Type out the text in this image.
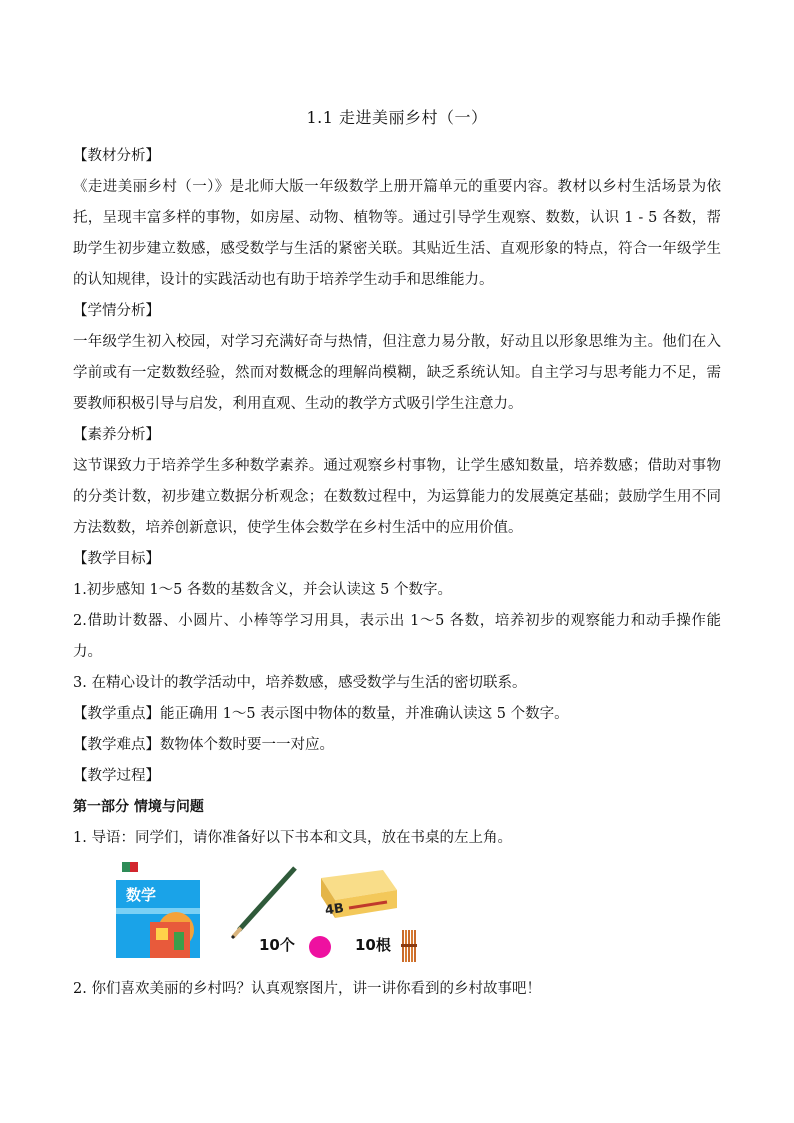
1.1 走进美丽乡村（一）

【教材分析】

《走进美丽乡村（一）》是北师大版一年级数学上册开篇单元的重要内容。教材以乡村生活场景为依托，呈现丰富多样的事物，如房屋、动物、植物等。通过引导学生观察、数数，认识 1 - 5 各数，帮助学生初步建立数感，感受数学与生活的紧密关联。其贴近生活、直观形象的特点，符合一年级学生的认知规律，设计的实践活动也有助于培养学生动手和思维能力。

【学情分析】

一年级学生初入校园，对学习充满好奇与热情，但注意力易分散，好动且以形象思维为主。他们在入学前或有一定数数经验，然而对数概念的理解尚模糊，缺乏系统认知。自主学习与思考能力不足，需要教师积极引导与启发，利用直观、生动的教学方式吸引学生注意力。

【素养分析】

这节课致力于培养学生多种数学素养。通过观察乡村事物，让学生感知数量，培养数感；借助对事物的分类计数，初步建立数据分析观念；在数数过程中，为运算能力的发展奠定基础；鼓励学生用不同方法数数，培养创新意识，使学生体会数学在乡村生活中的应用价值。

【教学目标】

1.初步感知 1～5 各数的基数含义，并会认读这 5 个数字。

2.借助计数器、小圆片、小棒等学习用具，表示出 1～5 各数，培养初步的观察能力和动手操作能力。

3. 在精心设计的教学活动中，培养数感，感受数学与生活的密切联系。

【教学重点】能正确用 1～5 表示图中物体的数量，并准确认读这 5 个数字。

【教学难点】数物体个数时要一一对应。

【教学过程】

第一部分 情境与问题

1. 导语：同学们，请你准备好以下书本和文具，放在书桌的左上角。

数学
4B
10个	10根

2. 你们喜欢美丽的乡村吗？认真观察图片，讲一讲你看到的乡村故事吧！
